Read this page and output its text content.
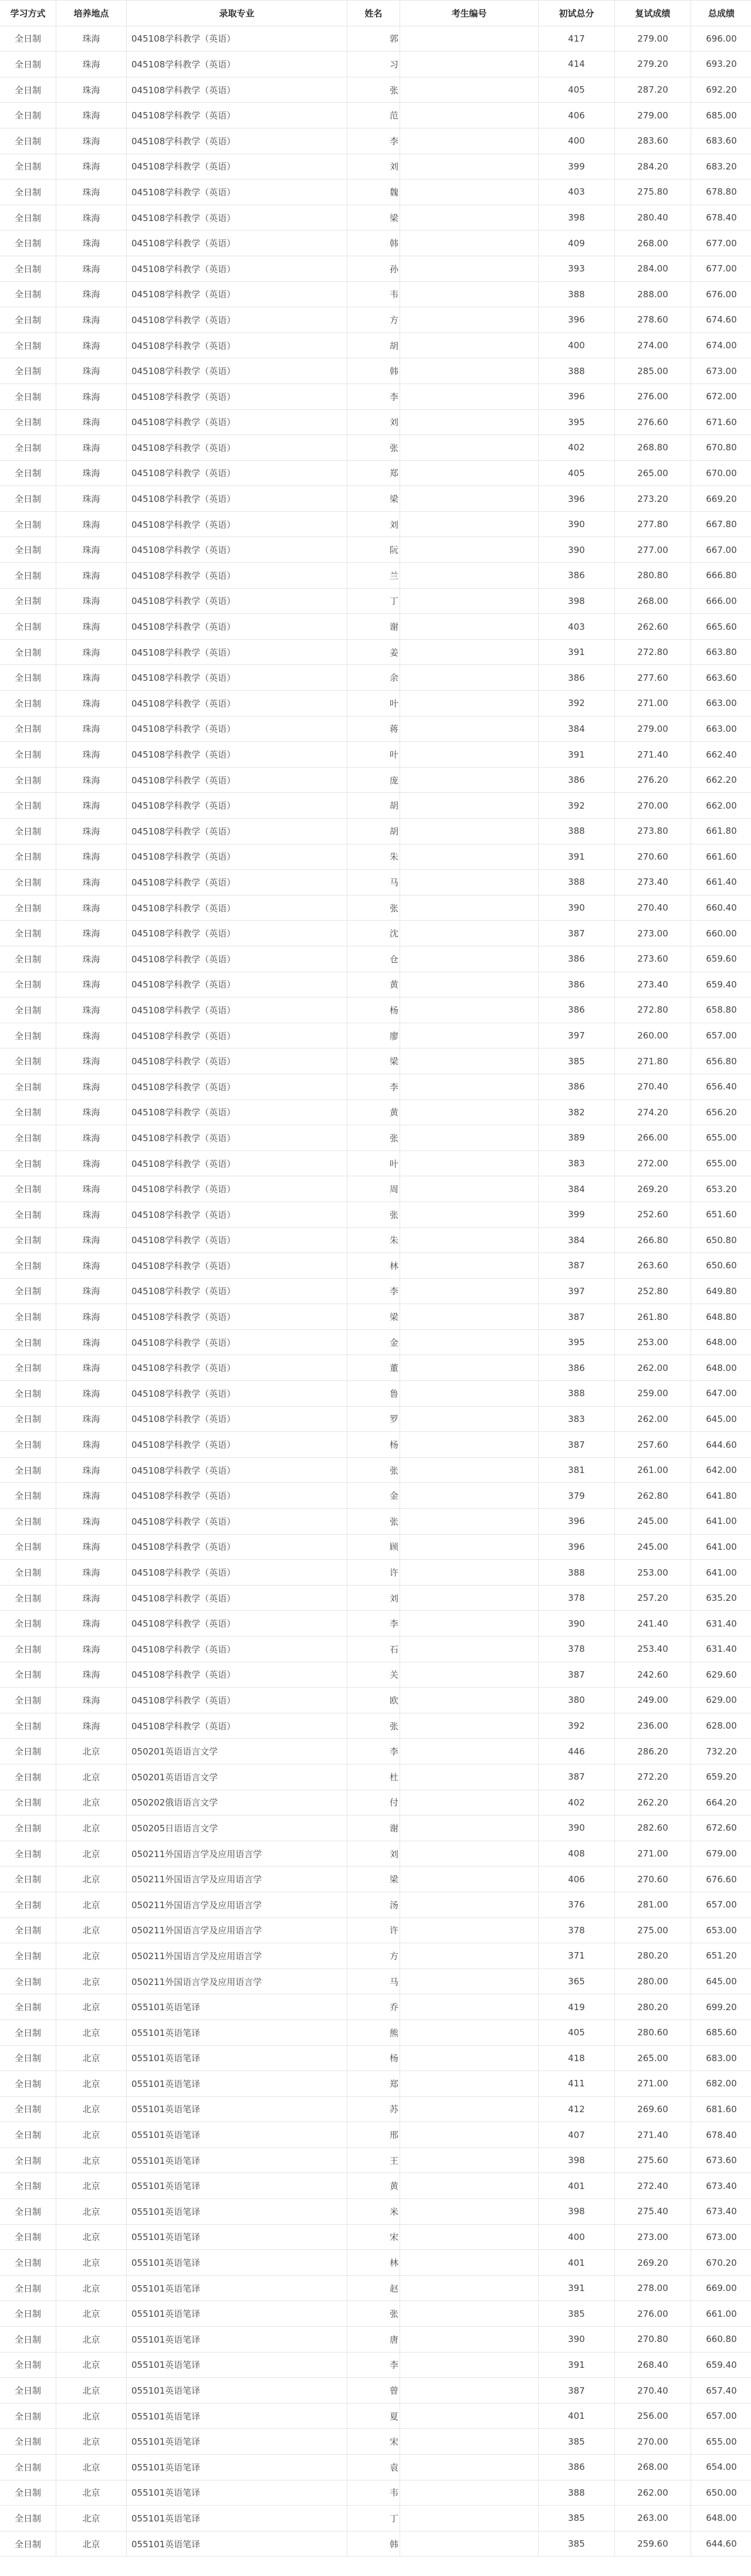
学习方式	培养地点	录取专业	姓名	考生编号	初试总分	复试成绩	总成绩
全日制	珠海	045108学科教学（英语）	郭		417	279.00	696.00
全日制	珠海	045108学科教学（英语）	习		414	279.20	693.20
全日制	珠海	045108学科教学（英语）	张		405	287.20	692.20
全日制	珠海	045108学科教学（英语）	范		406	279.00	685.00
全日制	珠海	045108学科教学（英语）	李		400	283.60	683.60
全日制	珠海	045108学科教学（英语）	刘		399	284.20	683.20
全日制	珠海	045108学科教学（英语）	魏		403	275.80	678.80
全日制	珠海	045108学科教学（英语）	梁		398	280.40	678.40
全日制	珠海	045108学科教学（英语）	韩		409	268.00	677.00
全日制	珠海	045108学科教学（英语）	孙		393	284.00	677.00
全日制	珠海	045108学科教学（英语）	韦		388	288.00	676.00
全日制	珠海	045108学科教学（英语）	方		396	278.60	674.60
全日制	珠海	045108学科教学（英语）	胡		400	274.00	674.00
全日制	珠海	045108学科教学（英语）	韩		388	285.00	673.00
全日制	珠海	045108学科教学（英语）	李		396	276.00	672.00
全日制	珠海	045108学科教学（英语）	刘		395	276.60	671.60
全日制	珠海	045108学科教学（英语）	张		402	268.80	670.80
全日制	珠海	045108学科教学（英语）	郑		405	265.00	670.00
全日制	珠海	045108学科教学（英语）	梁		396	273.20	669.20
全日制	珠海	045108学科教学（英语）	刘		390	277.80	667.80
全日制	珠海	045108学科教学（英语）	阮		390	277.00	667.00
全日制	珠海	045108学科教学（英语）	兰		386	280.80	666.80
全日制	珠海	045108学科教学（英语）	丁		398	268.00	666.00
全日制	珠海	045108学科教学（英语）	谢		403	262.60	665.60
全日制	珠海	045108学科教学（英语）	姜		391	272.80	663.80
全日制	珠海	045108学科教学（英语）	余		386	277.60	663.60
全日制	珠海	045108学科教学（英语）	叶		392	271.00	663.00
全日制	珠海	045108学科教学（英语）	蒋		384	279.00	663.00
全日制	珠海	045108学科教学（英语）	叶		391	271.40	662.40
全日制	珠海	045108学科教学（英语）	庞		386	276.20	662.20
全日制	珠海	045108学科教学（英语）	胡		392	270.00	662.00
全日制	珠海	045108学科教学（英语）	胡		388	273.80	661.80
全日制	珠海	045108学科教学（英语）	朱		391	270.60	661.60
全日制	珠海	045108学科教学（英语）	马		388	273.40	661.40
全日制	珠海	045108学科教学（英语）	张		390	270.40	660.40
全日制	珠海	045108学科教学（英语）	沈		387	273.00	660.00
全日制	珠海	045108学科教学（英语）	仓		386	273.60	659.60
全日制	珠海	045108学科教学（英语）	黄		386	273.40	659.40
全日制	珠海	045108学科教学（英语）	杨		386	272.80	658.80
全日制	珠海	045108学科教学（英语）	廖		397	260.00	657.00
全日制	珠海	045108学科教学（英语）	梁		385	271.80	656.80
全日制	珠海	045108学科教学（英语）	李		386	270.40	656.40
全日制	珠海	045108学科教学（英语）	黄		382	274.20	656.20
全日制	珠海	045108学科教学（英语）	张		389	266.00	655.00
全日制	珠海	045108学科教学（英语）	叶		383	272.00	655.00
全日制	珠海	045108学科教学（英语）	周		384	269.20	653.20
全日制	珠海	045108学科教学（英语）	张		399	252.60	651.60
全日制	珠海	045108学科教学（英语）	朱		384	266.80	650.80
全日制	珠海	045108学科教学（英语）	林		387	263.60	650.60
全日制	珠海	045108学科教学（英语）	李		397	252.80	649.80
全日制	珠海	045108学科教学（英语）	梁		387	261.80	648.80
全日制	珠海	045108学科教学（英语）	金		395	253.00	648.00
全日制	珠海	045108学科教学（英语）	董		386	262.00	648.00
全日制	珠海	045108学科教学（英语）	鲁		388	259.00	647.00
全日制	珠海	045108学科教学（英语）	罗		383	262.00	645.00
全日制	珠海	045108学科教学（英语）	杨		387	257.60	644.60
全日制	珠海	045108学科教学（英语）	张		381	261.00	642.00
全日制	珠海	045108学科教学（英语）	金		379	262.80	641.80
全日制	珠海	045108学科教学（英语）	张		396	245.00	641.00
全日制	珠海	045108学科教学（英语）	顾		396	245.00	641.00
全日制	珠海	045108学科教学（英语）	许		388	253.00	641.00
全日制	珠海	045108学科教学（英语）	刘		378	257.20	635.20
全日制	珠海	045108学科教学（英语）	李		390	241.40	631.40
全日制	珠海	045108学科教学（英语）	石		378	253.40	631.40
全日制	珠海	045108学科教学（英语）	关		387	242.60	629.60
全日制	珠海	045108学科教学（英语）	欧		380	249.00	629.00
全日制	珠海	045108学科教学（英语）	张		392	236.00	628.00
全日制	北京	050201英语语言文学	李		446	286.20	732.20
全日制	北京	050201英语语言文学	杜		387	272.20	659.20
全日制	北京	050202俄语语言文学	付		402	262.20	664.20
全日制	北京	050205日语语言文学	谢		390	282.60	672.60
全日制	北京	050211外国语言学及应用语言学	刘		408	271.00	679.00
全日制	北京	050211外国语言学及应用语言学	梁		406	270.60	676.60
全日制	北京	050211外国语言学及应用语言学	汤		376	281.00	657.00
全日制	北京	050211外国语言学及应用语言学	许		378	275.00	653.00
全日制	北京	050211外国语言学及应用语言学	方		371	280.20	651.20
全日制	北京	050211外国语言学及应用语言学	马		365	280.00	645.00
全日制	北京	055101英语笔译	乔		419	280.20	699.20
全日制	北京	055101英语笔译	熊		405	280.60	685.60
全日制	北京	055101英语笔译	杨		418	265.00	683.00
全日制	北京	055101英语笔译	郑		411	271.00	682.00
全日制	北京	055101英语笔译	苏		412	269.60	681.60
全日制	北京	055101英语笔译	邢		407	271.40	678.40
全日制	北京	055101英语笔译	王		398	275.60	673.60
全日制	北京	055101英语笔译	黄		401	272.40	673.40
全日制	北京	055101英语笔译	米		398	275.40	673.40
全日制	北京	055101英语笔译	宋		400	273.00	673.00
全日制	北京	055101英语笔译	林		401	269.20	670.20
全日制	北京	055101英语笔译	赵		391	278.00	669.00
全日制	北京	055101英语笔译	张		385	276.00	661.00
全日制	北京	055101英语笔译	唐		390	270.80	660.80
全日制	北京	055101英语笔译	李		391	268.40	659.40
全日制	北京	055101英语笔译	曾		387	270.40	657.40
全日制	北京	055101英语笔译	夏		401	256.00	657.00
全日制	北京	055101英语笔译	宋		385	270.00	655.00
全日制	北京	055101英语笔译	袁		386	268.00	654.00
全日制	北京	055101英语笔译	韦		388	262.00	650.00
全日制	北京	055101英语笔译	丁		385	263.00	648.00
全日制	北京	055101英语笔译	韩		385	259.60	644.60
